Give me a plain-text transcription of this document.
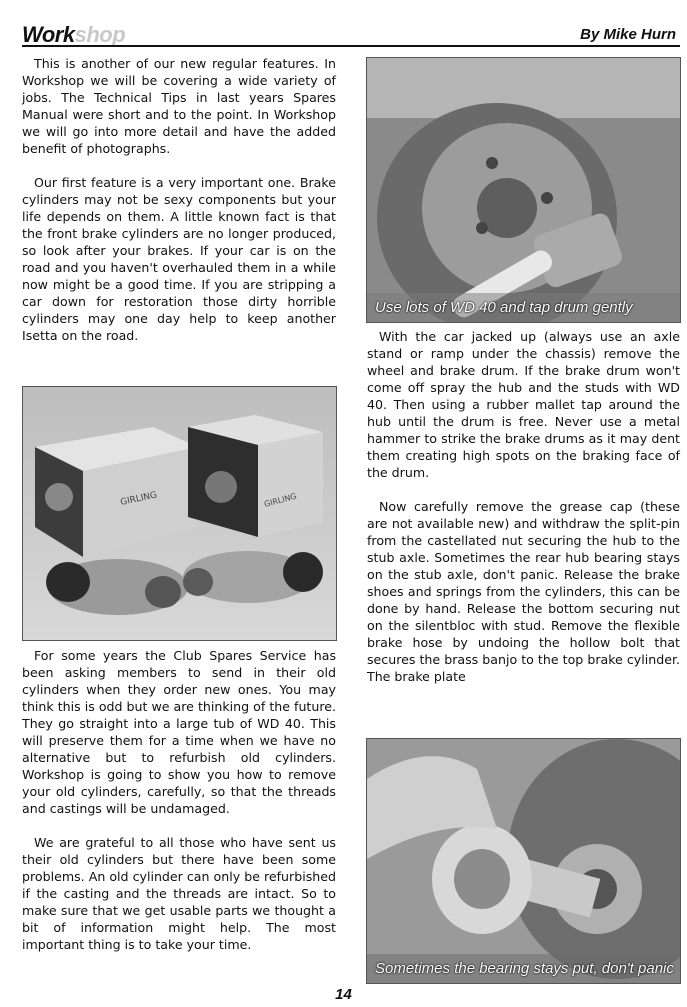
Workshop	By Mike Hurn

This is another of our new regular features. In Workshop we will be covering a wide variety of jobs. The Technical Tips in last years Spares Manual were short and to the point. In Workshop we will go into more detail and have the added benefit of photographs.

Our first feature is a very important one. Brake cylinders may not be sexy components but your life depends on them. A little known fact is that the front brake cylinders are no longer produced, so look after your brakes. If your car is on the road and you haven't overhauled them in a while now might be a good time. If you are stripping a car down for restoration those dirty horrible cylinders may one day help to keep another Isetta on the road.

GIRLING	GIRLING

For some years the Club Spares Service has been asking members to send in their old cylinders when they order new ones. You may think this is odd but we are thinking of the future. They go straight into a large tub of WD 40. This will preserve them for a time when we have no alternative but to refurbish old cylinders. Workshop is going to show you how to remove your old cylinders, carefully, so that the threads and castings will be undamaged.

We are grateful to all those who have sent us their old cylinders but there have been some problems. An old cylinder can only be refurbished if the casting and the threads are intact. So to make sure that we get usable parts we thought a bit of information might help. The most important thing is to take your time.

Use lots of WD 40 and tap drum gently

With the car jacked up (always use an axle stand or ramp under the chassis) remove the wheel and brake drum. If the brake drum won't come off spray the hub and the studs with WD 40. Then using a rubber mallet tap around the hub until the drum is free. Never use a metal hammer to strike the brake drums as it may dent them creating high spots on the braking face of the drum.

Now carefully remove the grease cap (these are not available new) and withdraw the split-pin from the castellated nut securing the hub to the stub axle. Sometimes the rear hub bearing stays on the stub axle, don't panic. Release the brake shoes and springs from the cylinders, this can be done by hand. Release the bottom securing nut on the silentbloc with stud. Remove the flexible brake hose by undoing the hollow bolt that secures the brass banjo to the top brake cylinder. The brake plate

Sometimes the bearing stays put, don't panic
14
